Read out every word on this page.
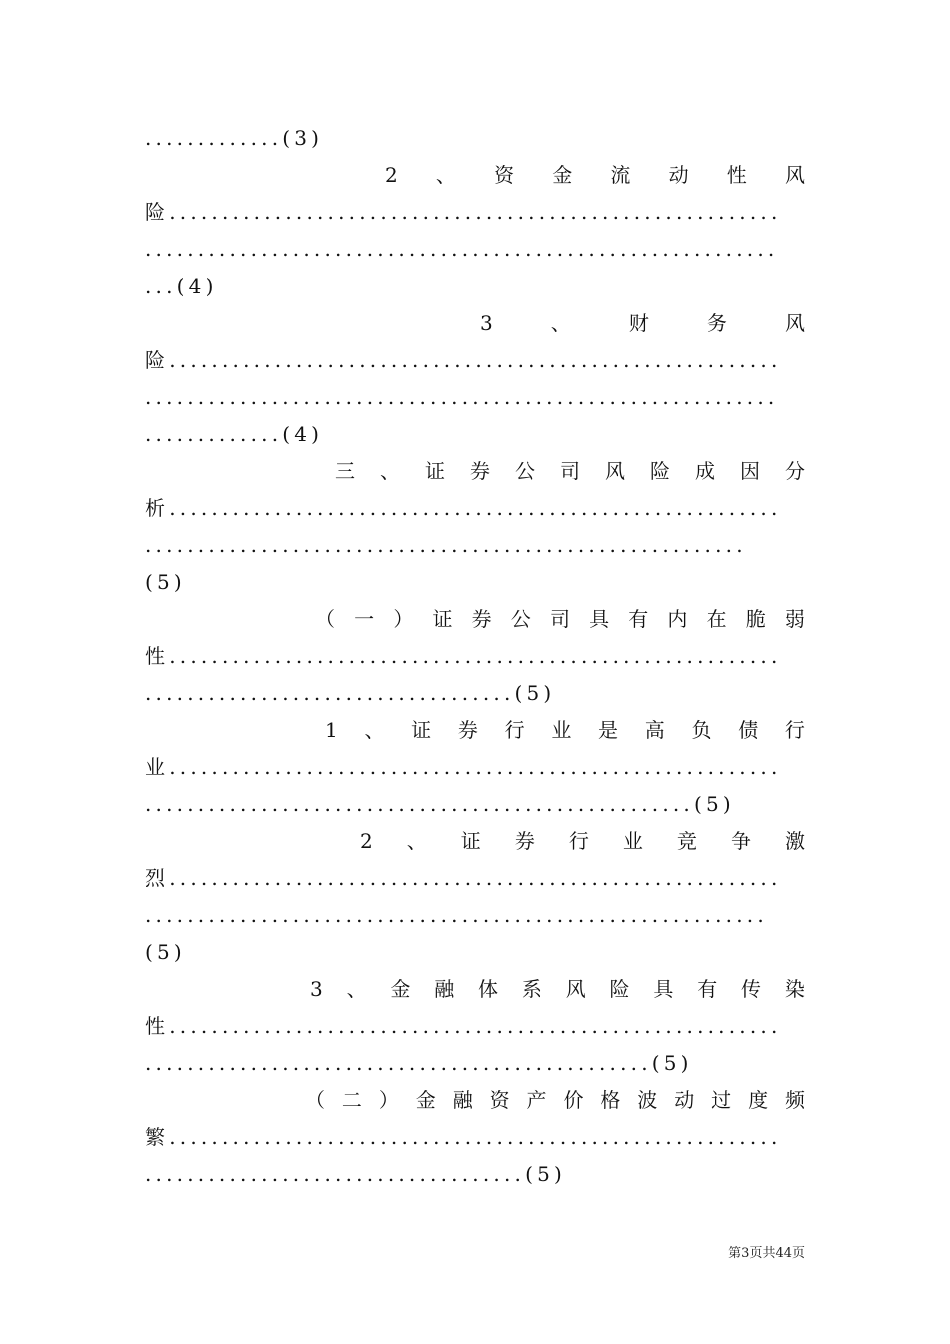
.............(3)
2 、 资 金 流 动 性 风
险..........................................................
............................................................
...(4)
3	、	财	务	风
险..........................................................
............................................................
.............(4)
三 、 证 券 公 司 风 险 成 因 分
析..........................................................
.........................................................
(5)
（ 一 ） 证 券 公 司 具 有 内 在 脆 弱
性..........................................................
...................................(5)
1 、 证 券 行 业 是 高 负 债 行
业..........................................................
....................................................(5)
2 、 证 券 行 业 竞 争 激
烈..........................................................
...........................................................
(5)
3 、 金 融 体 系 风 险 具 有 传 染
性..........................................................
................................................(5)
（ 二 ） 金 融 资 产 价 格 波 动 过 度 频
繁..........................................................
....................................(5)
第3页共44页
